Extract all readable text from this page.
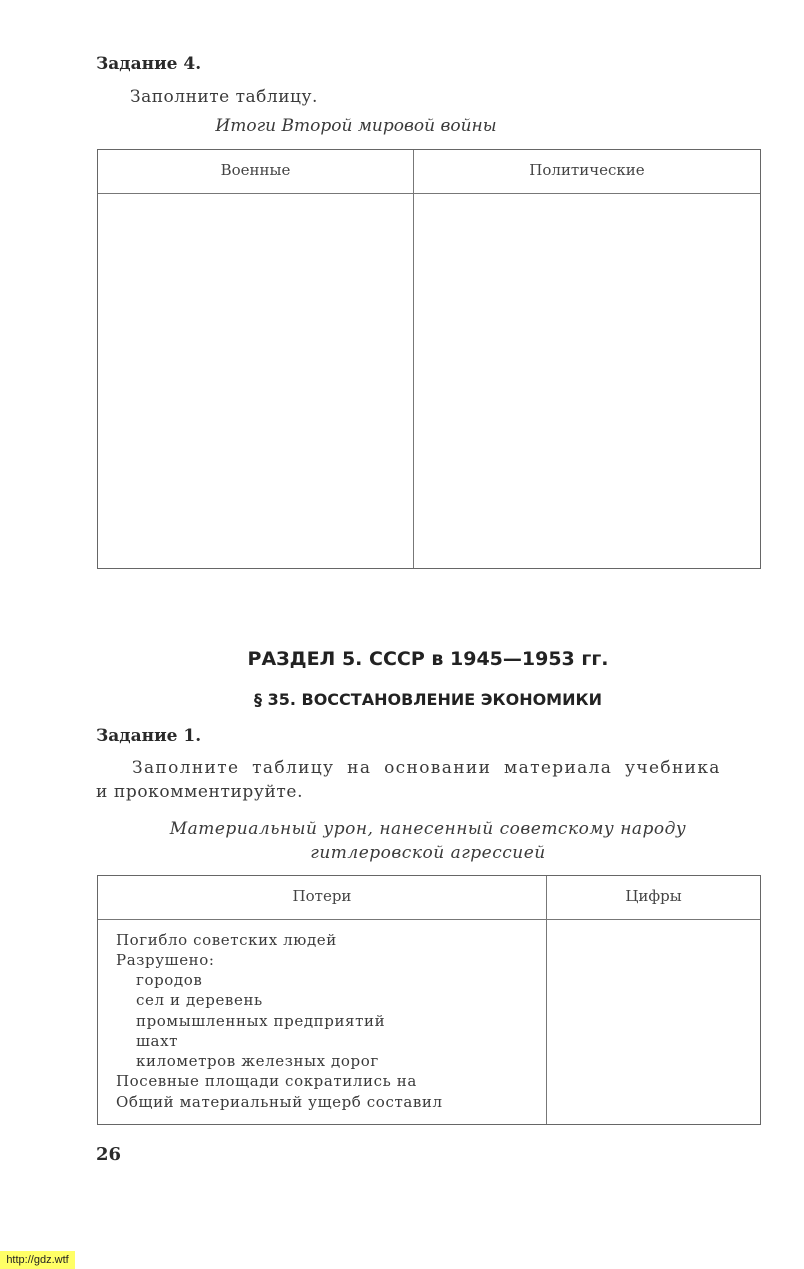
Задание 4.
Заполните таблицу.
Итоги Второй мировой войны
Военные	Политические
РАЗДЕЛ 5. СССР в 1945—1953 гг.
§ 35. ВОССТАНОВЛЕНИЕ ЭКОНОМИКИ
Задание 1.
Заполните таблицу на основании материала учебника
и прокомментируйте.
Материальный урон, нанесенный советскому народу
гитлеровской агрессией
Потери	Цифры
Погибло советских людей
Разрушено:
городов
сел и деревень
промышленных предприятий
шахт
километров железных дорог
Посевные площади сократились на
Общий материальный ущерб составил
26
http://gdz.wtf
